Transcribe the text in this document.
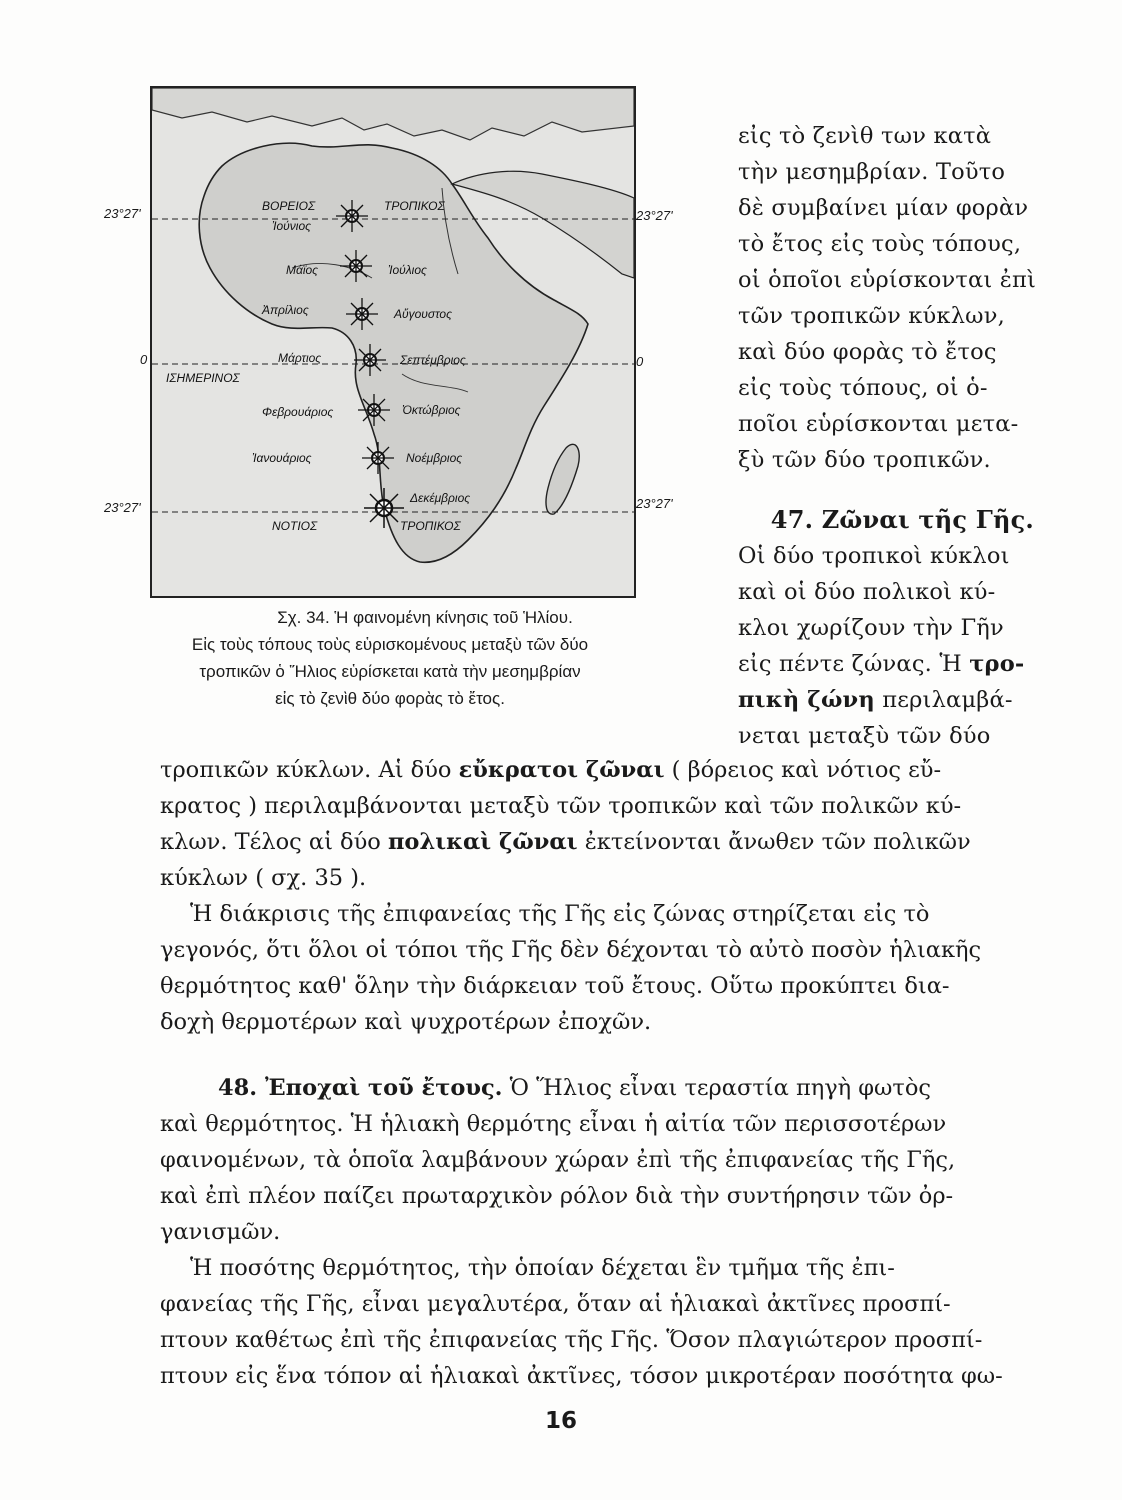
ΒΟΡΕΙΟΣ	ΤΡΟΠΙΚΟΣ
ΙΣΗΜΕΡΙΝΟΣ
ΝΟΤΙΟΣ	ΤΡΟΠΙΚΟΣ
Ἰούνιος
Μάϊος
Ἀπρίλιος
Μάρτιος
Φεβρουάριος
Ἰανουάριος
Ἰούλιος
Αὔγουστος
Σεπτέμβριος
Ὀκτώβριος
Νοέμβριος
Δεκέμβριος
23°27'
0
23°27'
23°27'
0
23°27'
Σχ. 34. Ἡ φαινομένη κίνησις τοῦ Ἡλίου.
Εἰς τοὺς τόπους τοὺς εὑρισκομένους μεταξὺ τῶν δύο
τροπικῶν ὁ Ἥλιος εὑρίσκεται κατὰ τὴν μεσημβρίαν
εἰς τὸ ζενὶθ δύο φορὰς τὸ ἔτος.
εἰς τὸ ζενὶθ των κατὰ
τὴν μεσημβρίαν. Τοῦτο
δὲ συμβαίνει μίαν φορὰν
τὸ ἔτος εἰς τοὺς τόπους,
οἱ ὁποῖοι εὑρίσκονται ἐπὶ
τῶν τροπικῶν κύκλων,
καὶ δύο φορὰς τὸ ἔτος
εἰς τοὺς τόπους, οἱ ὁ-
ποῖοι εὑρίσκονται μετα-
ξὺ τῶν δύο τροπικῶν.
47. Ζῶναι τῆς Γῆς.
Οἱ δύο τροπικοὶ κύκλοι
καὶ οἱ δύο πολικοὶ κύ-
κλοι χωρίζουν τὴν Γῆν
εἰς πέντε ζώνας. Ἡ τρο-
πικὴ ζώνη περιλαμβά-
νεται μεταξὺ τῶν δύο
τροπικῶν κύκλων. Αἱ δύο εὔκρατοι ζῶναι ( βόρειος καὶ νότιος εὔ-
κρατος ) περιλαμβάνονται μεταξὺ τῶν τροπικῶν καὶ τῶν πολικῶν κύ-
κλων. Τέλος αἱ δύο πολικαὶ ζῶναι ἐκτείνονται ἄνωθεν τῶν πολικῶν
κύκλων ( σχ. 35 ).
Ἡ διάκρισις τῆς ἐπιφανείας τῆς Γῆς εἰς ζώνας στηρίζεται εἰς τὸ
γεγονός, ὅτι ὅλοι οἱ τόποι τῆς Γῆς δὲν δέχονται τὸ αὐτὸ ποσὸν ἡλιακῆς
θερμότητος καθ' ὅλην τὴν διάρκειαν τοῦ ἔτους. Οὕτω προκύπτει δια-
δοχὴ θερμοτέρων καὶ ψυχροτέρων ἐποχῶν.
48. Ἐποχαὶ τοῦ ἔτους. Ὁ Ἥλιος εἶναι τεραστία πηγὴ φωτὸς
καὶ θερμότητος. Ἡ ἡλιακὴ θερμότης εἶναι ἡ αἰτία τῶν περισσοτέρων
φαινομένων, τὰ ὁποῖα λαμβάνουν χώραν ἐπὶ τῆς ἐπιφανείας τῆς Γῆς,
καὶ ἐπὶ πλέον παίζει πρωταρχικὸν ρόλον διὰ τὴν συντήρησιν τῶν ὀρ-
γανισμῶν.
Ἡ ποσότης θερμότητος, τὴν ὁποίαν δέχεται ἓν τμῆμα τῆς ἐπι-
φανείας τῆς Γῆς, εἶναι μεγαλυτέρα, ὅταν αἱ ἡλιακαὶ ἀκτῖνες προσπί-
πτουν καθέτως ἐπὶ τῆς ἐπιφανείας τῆς Γῆς. Ὅσον πλαγιώτερον προσπί-
πτουν εἰς ἕνα τόπον αἱ ἡλιακαὶ ἀκτῖνες, τόσον μικροτέραν ποσότητα φω-
16
